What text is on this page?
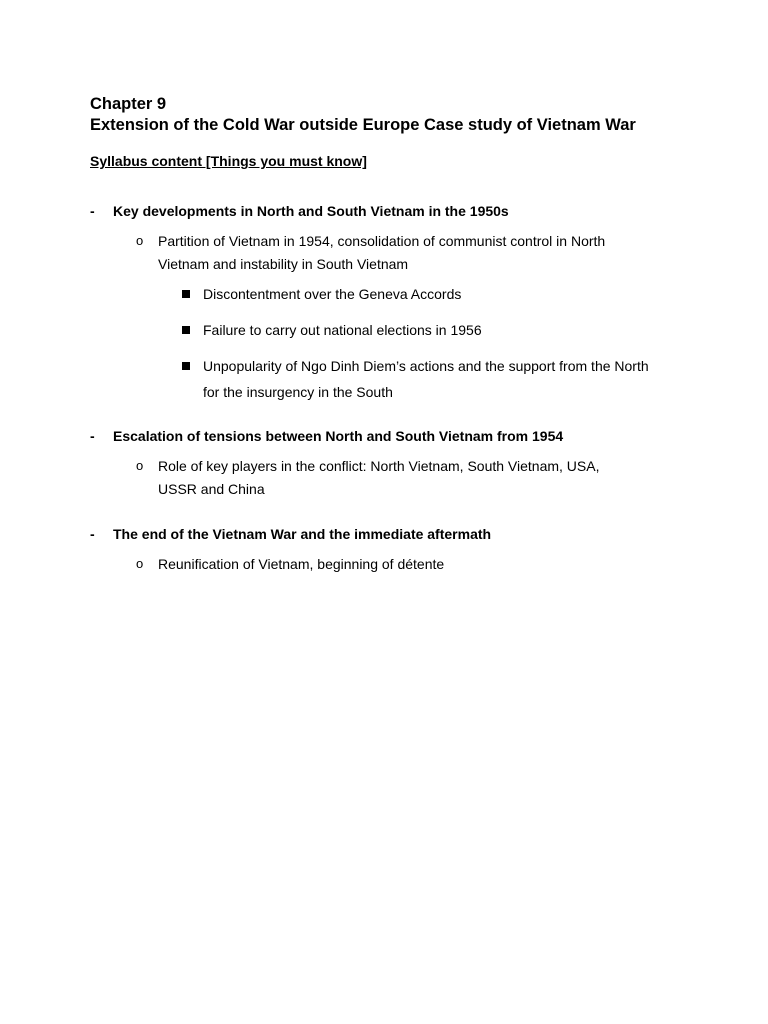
Chapter 9
Extension of the Cold War outside Europe Case study of Vietnam War
Syllabus content [Things you must know]
- Key developments in North and South Vietnam in the 1950s
o	Partition of Vietnam in 1954, consolidation of communist control in North Vietnam and instability in South Vietnam
Discontentment over the Geneva Accords
Failure to carry out national elections in 1956
Unpopularity of Ngo Dinh Diem’s actions and the support from the North for the insurgency in the South
- Escalation of tensions between North and South Vietnam from 1954
o	Role of key players in the conflict: North Vietnam, South Vietnam, USA, USSR and China
- The end of the Vietnam War and the immediate aftermath
o	Reunification of Vietnam, beginning of détente
